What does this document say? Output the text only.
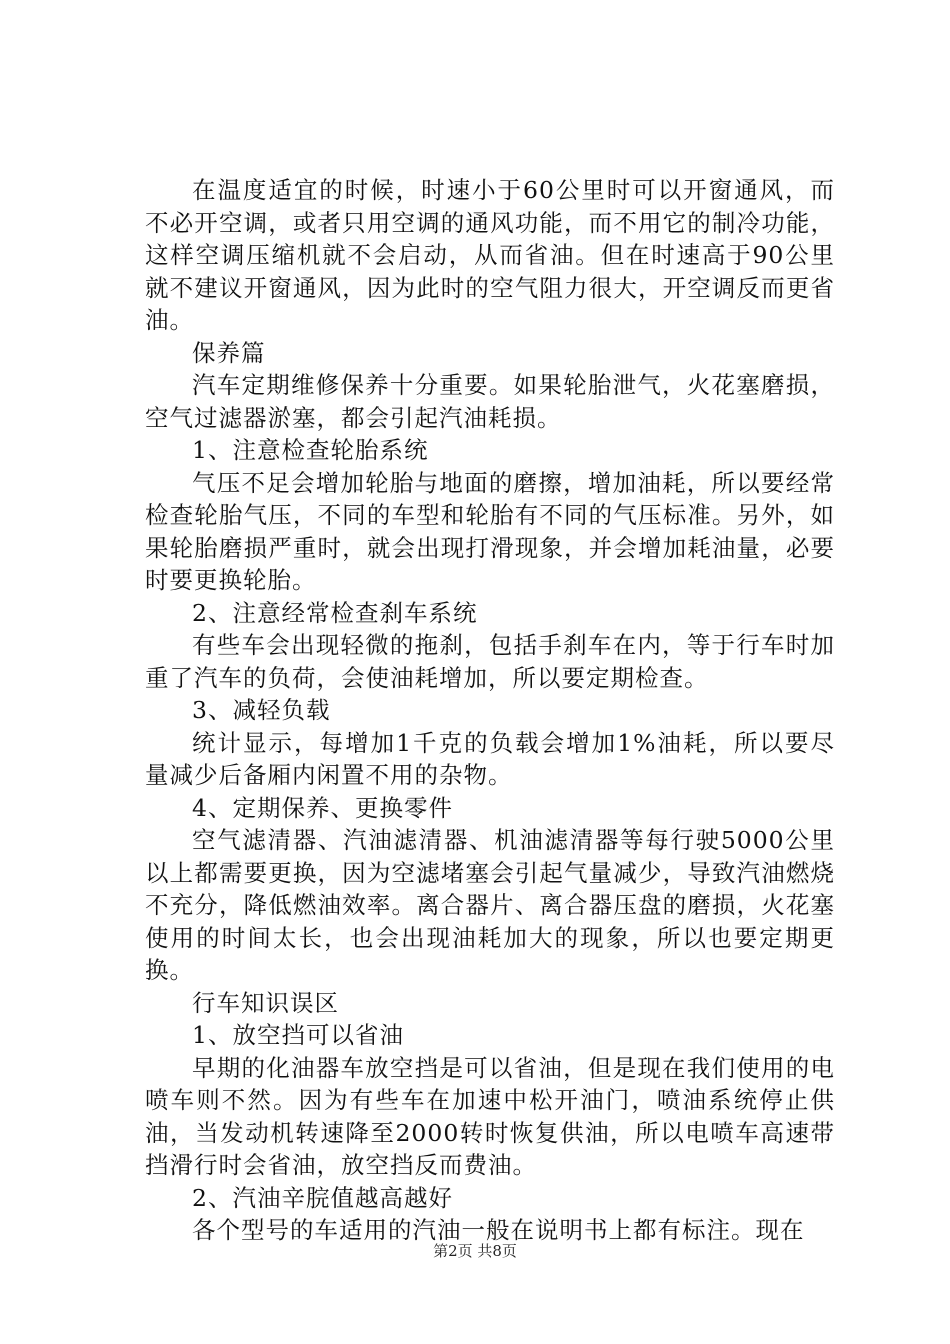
在温度适宜的时候，时速小于60公里时可以开窗通风，而不必开空调，或者只用空调的通风功能，而不用它的制冷功能，这样空调压缩机就不会启动，从而省油。但在时速高于90公里就不建议开窗通风，因为此时的空气阻力很大，开空调反而更省油。

保养篇

汽车定期维修保养十分重要。如果轮胎泄气，火花塞磨损，空气过滤器淤塞，都会引起汽油耗损。

1、注意检查轮胎系统

气压不足会增加轮胎与地面的磨擦，增加油耗，所以要经常检查轮胎气压，不同的车型和轮胎有不同的气压标准。另外，如果轮胎磨损严重时，就会出现打滑现象，并会增加耗油量，必要时要更换轮胎。

2、注意经常检查刹车系统

有些车会出现轻微的拖刹，包括手刹车在内，等于行车时加重了汽车的负荷，会使油耗增加，所以要定期检查。

3、减轻负载

统计显示，每增加1千克的负载会增加1%油耗，所以要尽量减少后备厢内闲置不用的杂物。

4、定期保养、更换零件

空气滤清器、汽油滤清器、机油滤清器等每行驶5000公里以上都需要更换，因为空滤堵塞会引起气量减少，导致汽油燃烧不充分，降低燃油效率。离合器片、离合器压盘的磨损，火花塞使用的时间太长，也会出现油耗加大的现象，所以也要定期更换。

行车知识误区

1、放空挡可以省油

早期的化油器车放空挡是可以省油，但是现在我们使用的电喷车则不然。因为有些车在加速中松开油门，喷油系统停止供油，当发动机转速降至2000转时恢复供油，所以电喷车高速带挡滑行时会省油，放空挡反而费油。

2、汽油辛脘值越高越好

各个型号的车适用的汽油一般在说明书上都有标注。现在

第2页 共8页
